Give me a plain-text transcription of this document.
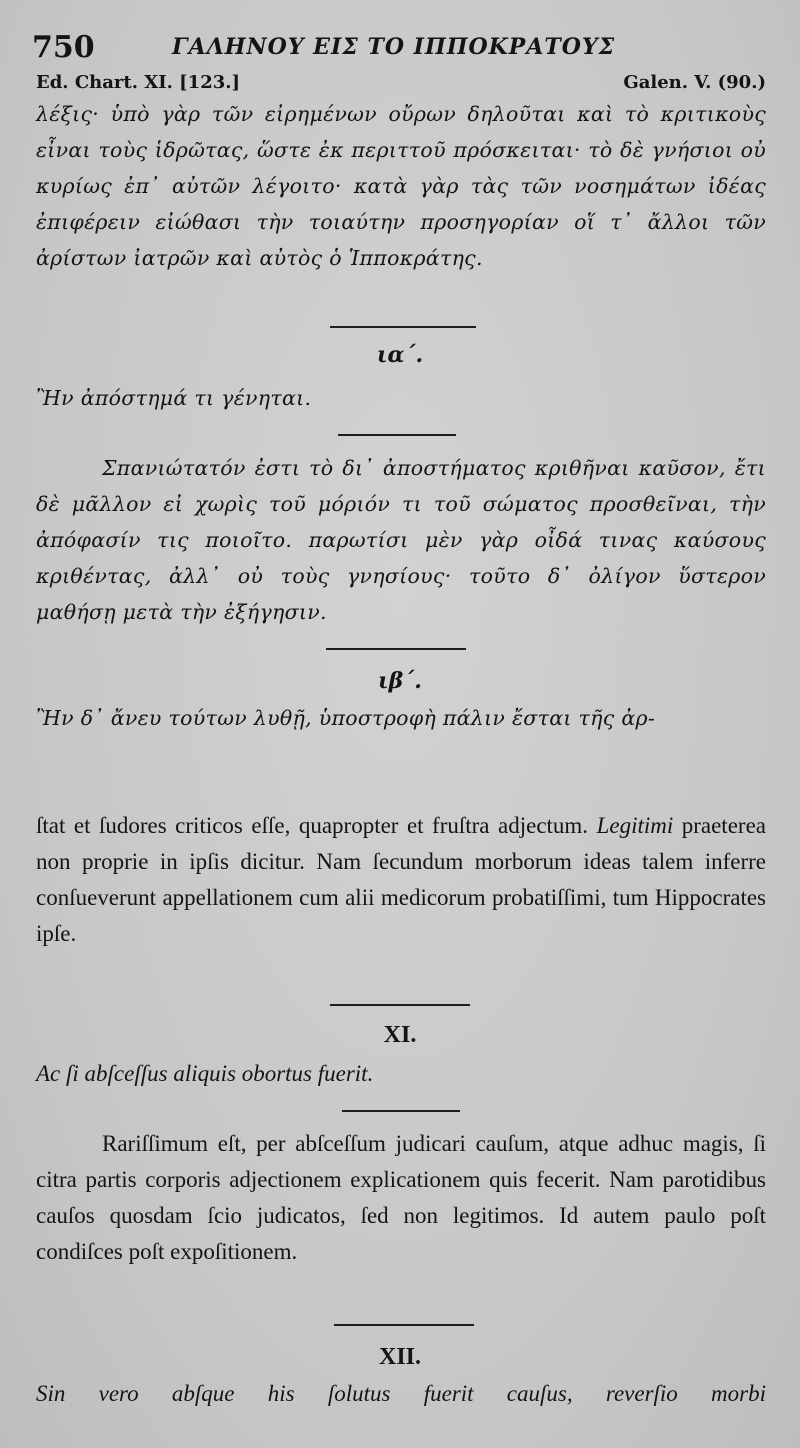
750	ΓΑΛΗΝΟΥ ΕΙΣ ΤΟ ΙΠΠΟΚΡΑΤΟΥΣ
Ed. Chart. XI. [123.]	Galen. V. (90.)

λέξις· ὑπὸ γὰρ τῶν εἰρημένων οὔρων δηλοῦται καὶ τὸ κριτικοὺς εἶναι τοὺς ἱδρῶτας, ὥστε ἐκ περιττοῦ πρόσκειται· τὸ δὲ γνήσιοι οὐ κυρίως ἐπ᾽ αὐτῶν λέγοιτο· κατὰ γὰρ τὰς τῶν νοσημάτων ἰδέας ἐπιφέρειν εἰώθασι τὴν τοιαύτην προσηγορίαν οἵ τ᾽ ἄλλοι τῶν ἀρίστων ἰατρῶν καὶ αὐτὸς ὁ Ἱπποκράτης.

ια΄.

Ἢν ἀπόστημά τι γένηται.

Σπανιώτατόν ἐστι τὸ δι᾽ ἀποστήματος κριθῆναι καῦσον, ἔτι δὲ μᾶλλον εἰ χωρὶς τοῦ μόριόν τι τοῦ σώματος προσθεῖναι, τὴν ἀπόφασίν τις ποιοῖτο. παρωτίσι μὲν γὰρ οἶδά τινας καύσους κριθέντας, ἀλλ᾽ οὐ τοὺς γνησίους· τοῦτο δ᾽ ὀλίγον ὕστερον μαθήσῃ μετὰ τὴν ἐξήγησιν.

ιβ΄.

Ἢν δ᾽ ἄνευ τούτων λυθῇ, ὑποστροφὴ πάλιν ἔσται τῆς ἀρ-

ſtat et ſudores criticos eſſe, quapropter et fruſtra adjectum. Legitimi praeterea non proprie in ipſis dicitur. Nam ſecundum morborum ideas talem inferre conſueverunt appellationem cum alii medicorum probatiſſimi, tum Hippocrates ipſe.

XI.

Ac ſi abſceſſus aliquis obortus fuerit.

Rariſſimum eſt, per abſceſſum judicari cauſum, atque adhuc magis, ſi citra partis corporis adjectionem explicationem quis fecerit. Nam parotidibus cauſos quosdam ſcio judicatos, ſed non legitimos. Id autem paulo poſt condiſces poſt expoſitionem.

XII.

Sin vero abſque his ſolutus fuerit cauſus, reverſio morbi
